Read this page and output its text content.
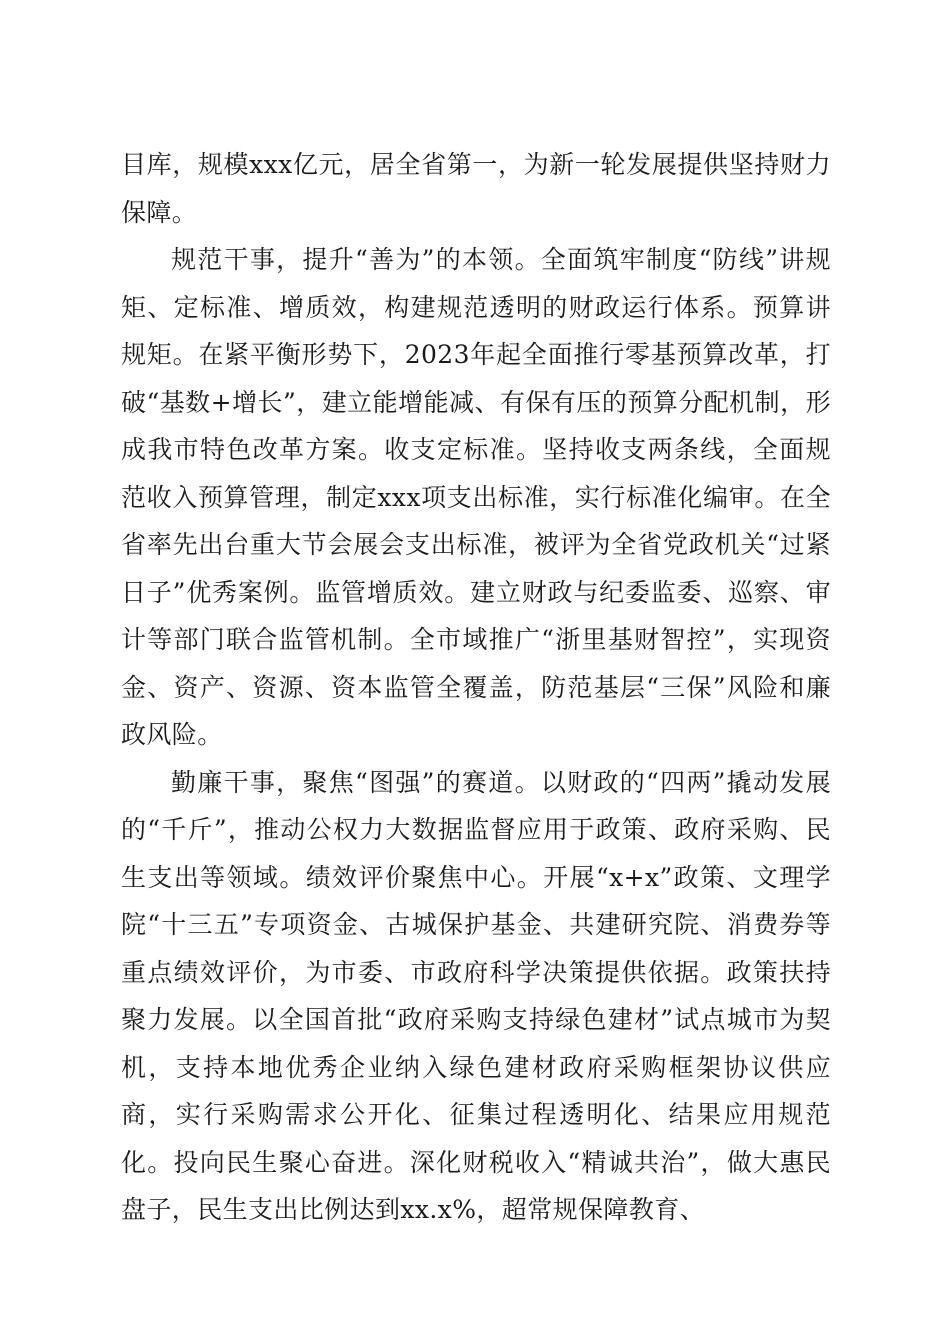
目库，规模xxx亿元，居全省第一，为新一轮发展提供坚持财力保障。

规范干事，提升“善为”的本领。全面筑牢制度“防线”讲规矩、定标准、增质效，构建规范透明的财政运行体系。预算讲规矩。在紧平衡形势下，2023年起全面推行零基预算改革，打破“基数+增长”，建立能增能减、有保有压的预算分配机制，形成我市特色改革方案。收支定标准。坚持收支两条线，全面规范收入预算管理，制定xxx项支出标准，实行标准化编审。在全省率先出台重大节会展会支出标准，被评为全省党政机关“过紧日子”优秀案例。监管增质效。建立财政与纪委监委、巡察、审计等部门联合监管机制。全市域推广“浙里基财智控”，实现资金、资产、资源、资本监管全覆盖，防范基层“三保”风险和廉政风险。

勤廉干事，聚焦“图强”的赛道。以财政的“四两”撬动发展的“千斤”，推动公权力大数据监督应用于政策、政府采购、民生支出等领域。绩效评价聚焦中心。开展“x+x”政策、文理学院“十三五”专项资金、古城保护基金、共建研究院、消费券等重点绩效评价，为市委、市政府科学决策提供依据。政策扶持聚力发展。以全国首批“政府采购支持绿色建材”试点城市为契机，支持本地优秀企业纳入绿色建材政府采购框架协议供应商，实行采购需求公开化、征集过程透明化、结果应用规范化。投向民生聚心奋进。深化财税收入“精诚共治”，做大惠民盘子，民生支出比例达到xx.x%，超常规保障教育、
